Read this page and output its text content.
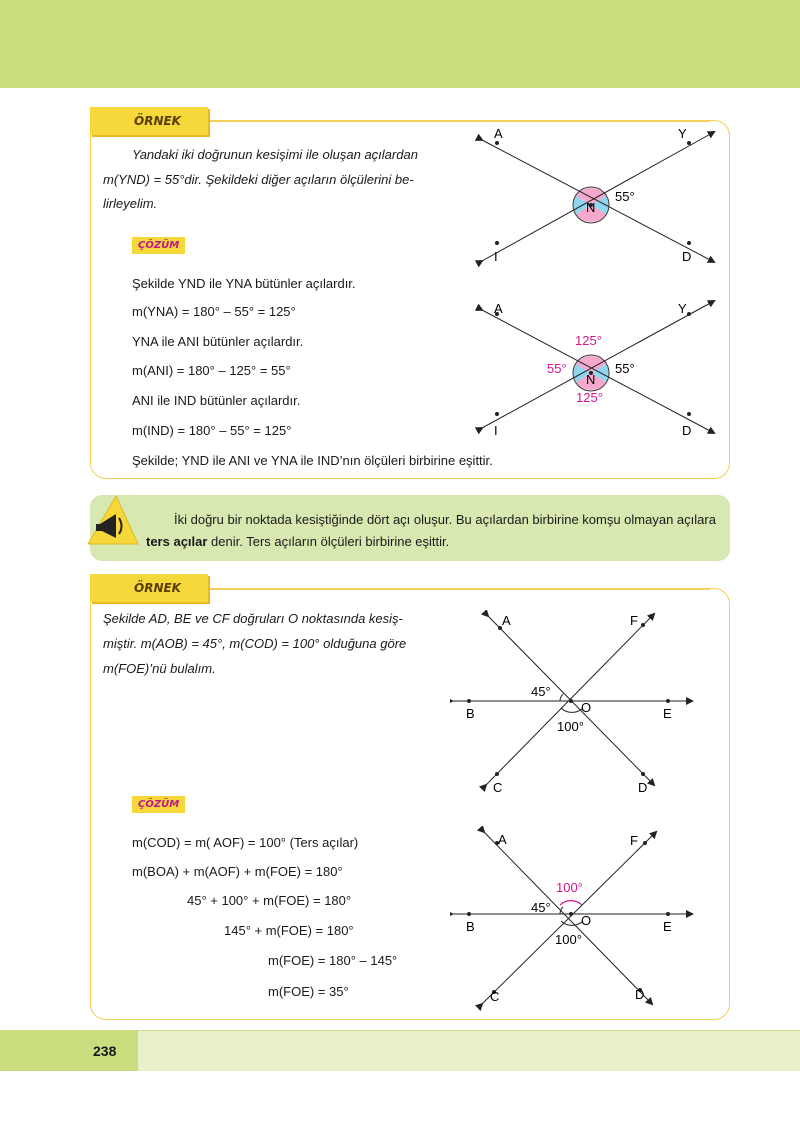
ÖRNEK
Yandaki iki doğrunun kesişimi ile oluşan açılardan
m(YND) = 55°dir. Şekildeki diğer açıların ölçülerini be-
lirleyelim.
ÇÖZÜM
Şekilde YND ile YNA bütünler açılardır.
m(YNA) = 180° – 55° = 125°
YNA ile ANI bütünler açılardır.
m(ANI) = 180° – 125° = 55°
ANI ile IND bütünler açılardır.
m(IND) = 180° – 55° = 125°
Şekilde; YND ile ANI ve YNA ile IND’nın ölçüleri birbirine eşittir.
A	Y
I	D
N
55°
A	Y
I	D
N
125°
55°	55°
125°
İki doğru bir noktada kesiştiğinde dört açı oluşur. Bu açılardan birbirine komşu olmayan açılara ters açılar denir. Ters açıların ölçüleri birbirine eşittir.
ÖRNEK
Şekilde AD, BE ve CF doğruları O noktasında kesiş-
miştir. m(AOB) = 45°, m(COD) = 100° olduğuna göre
m(FOE)’nü bulalım.
ÇÖZÜM
m(COD) = m( AOF) = 100° (Ters açılar)
m(BOA) + m(AOF) + m(FOE) = 180°
45° + 100° + m(FOE) = 180°
145° + m(FOE) = 180°
m(FOE) = 180° – 145°
m(FOE) = 35°
A	F
B	O	E
C	D
45°
100°
A	F
B	O	E
C	D
45°
100°
100°
238
